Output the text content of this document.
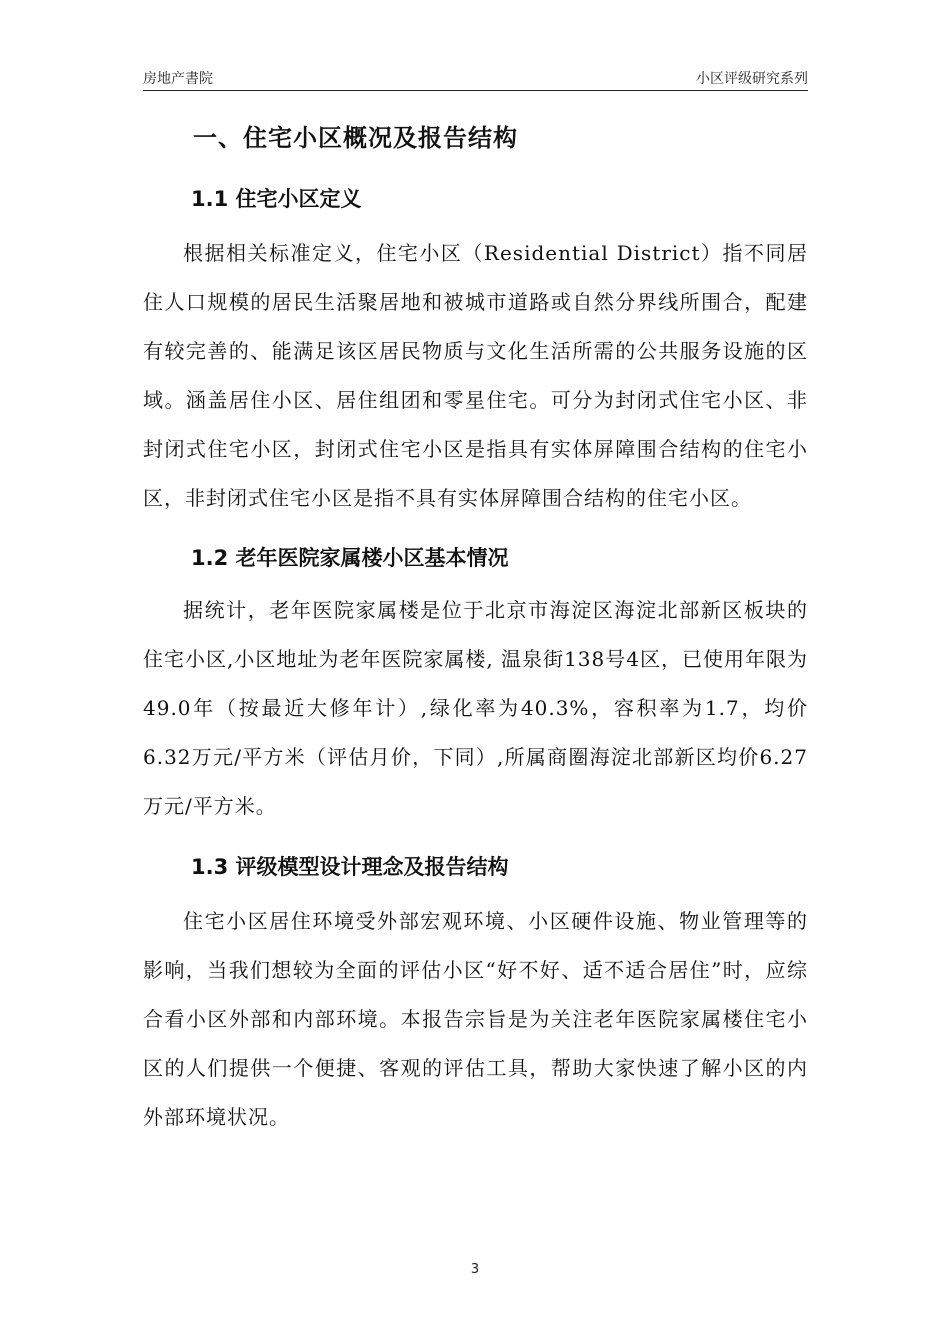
房地产書院	小区评级研究系列
一、住宅小区概况及报告结构
1.1 住宅小区定义

根据相关标准定义，住宅小区（Residential District）指不同居住人口规模的居民生活聚居地和被城市道路或自然分界线所围合，配建有较完善的、能满足该区居民物质与文化生活所需的公共服务设施的区域。涵盖居住小区、居住组团和零星住宅。可分为封闭式住宅小区、非封闭式住宅小区，封闭式住宅小区是指具有实体屏障围合结构的住宅小区，非封闭式住宅小区是指不具有实体屏障围合结构的住宅小区。

1.2 老年医院家属楼小区基本情况

据统计，老年医院家属楼是位于北京市海淀区海淀北部新区板块的住宅小区,小区地址为老年医院家属楼, 温泉街138号4区，已使用年限为49.0年（按最近大修年计）,绿化率为40.3%，容积率为1.7，均价6.32万元/平方米（评估月价，下同）,所属商圈海淀北部新区均价6.27万元/平方米。

1.3 评级模型设计理念及报告结构

住宅小区居住环境受外部宏观环境、小区硬件设施、物业管理等的影响，当我们想较为全面的评估小区“好不好、适不适合居住”时，应综合看小区外部和内部环境。本报告宗旨是为关注老年医院家属楼住宅小区的人们提供一个便捷、客观的评估工具，帮助大家快速了解小区的内外部环境状况。

3
